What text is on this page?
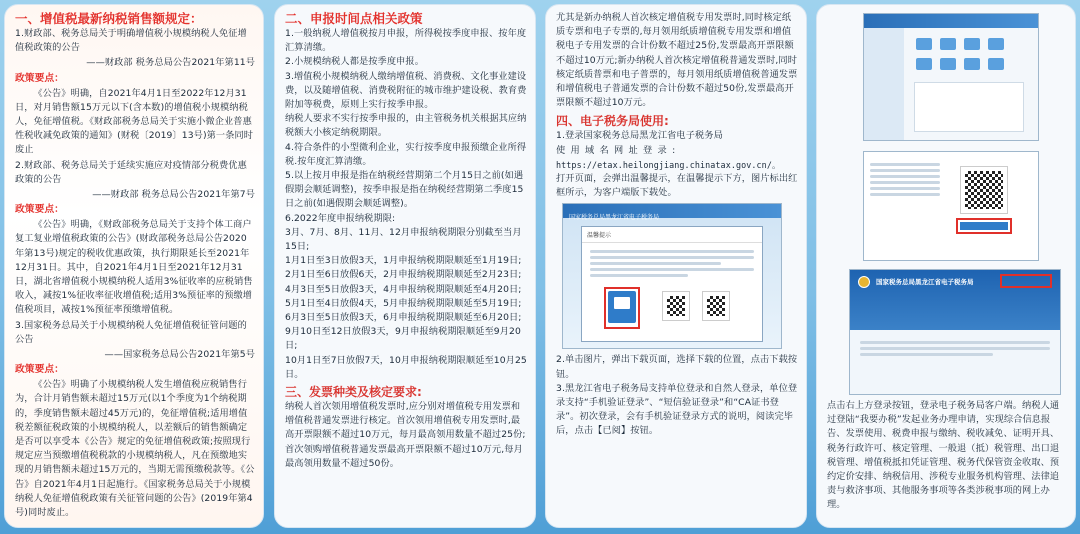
一、增值税最新纳税销售额规定：
1.财政部、税务总局关于明确增值税小规模纳税人免征增值税政策的公告
——财政部 税务总局公告2021年第11号
政策要点：
《公告》明确，自2021年4月1日至2022年12月31日，对月销售额15万元以下(含本数)的增值税小规模纳税人，免征增值税。《财政部税务总局关于实施小微企业普惠性税收减免政策的通知》(财税〔2019〕13号)第一条同时废止
2.财政部、税务总局关于延续实施应对疫情部分税费优惠政策的公告
——财政部 税务总局公告2021年第7号
政策要点：
《公告》明确，《财政部税务总局关于支持个体工商户复工复业增值税政策的公告》(财政部税务总局公告2020年第13号)规定的税收优惠政策，执行期限延长至2021年12月31日。其中，自2021年4月1日至2021年12月31日，湖北省增值税小规模纳税人适用3%征收率的应税销售收入，减按1%征收率征收增值税;适用3%预征率的预缴增值税项目，减按1%预征率预缴增值税。
3.国家税务总局关于小规模纳税人免征增值税征管问题的公告
——国家税务总局公告2021年第5号
政策要点：
《公告》明确了小规模纳税人发生增值税应税销售行为，合计月销售额未超过15万元(以1个季度为1个纳税期的，季度销售额未超过45万元)的，免征增值税;适用增值税差额征税政策的小规模纳税人，以差额后的销售额确定是否可以享受本《公告》规定的免征增值税政策;按照现行规定应当预缴增值税税款的小规模纳税人，凡在预缴地实现的月销售额未超过15万元的，当期无需预缴税款等。《公告》自2021年4月1日起施行。《国家税务总局关于小规模纳税人免征增值税政策有关征管问题的公告》(2019年第4号)同时废止。
二、申报时间点相关政策
1.一般纳税人增值税按月申报，所得税按季度申报、按年度汇算清缴。
2.小规模纳税人都是按季度申报。
3.增值税小规模纳税人缴纳增值税、消费税、文化事业建设费，以及随增值税、消费税附征的城市维护建设税、教育费附加等税费，原则上实行按季申报。
纳税人要求不实行按季申报的，由主管税务机关根据其应纳税额大小核定纳税期限。
4.符合条件的小型微利企业，实行按季度申报预缴企业所得税.按年度汇算清缴。
5.以上按月申报是指在纳税经营期第二个月15日之前(如遇假期会顺延调整)，按季申报是指在纳税经营期第二季度15日之前(如遇假期会顺延调整)。
6.2022年度申报纳税期限:
3月、7月、8月、11月、12月申报纳税期限分别截至当月15日;
1月1日至3日放假3天，1月申报纳税期限顺延至1月19日;
2月1日至6日放假6天，2月申报纳税期限顺延至2月23日;
4月3日至5日放假3天，4月申报纳税期限顺延至4月20日;
5月1日至4日放假4天，5月申报纳税期限顺延至5月19日;
6月3日至5日放假3天，6月申报纳税期限顺延至6月20日;
9月10日至12日放假3天，9月申报纳税期限顺延至9月20日;
10月1日至7日放假7天，10月申报纳税期限顺延至10月25日。
三、发票种类及核定要求:
纳税人首次领用增值税发票时,应分别对增值税专用发票和增值税普通发票进行核定。首次领用增值税专用发票时,最高开票限额不超过10万元，每月最高领用数量不超过25份;首次领购增值税普通发票最高开票限额不超过10万元,每月最高领用数量不超过50份。
尤其是新办纳税人首次核定增值税专用发票时,同时核定纸质专票和电子专票的,每月领用纸质增值税专用发票和增值税电子专用发票的合计份数不超过25份,发票最高开票限额不超过10万元;新办纳税人首次核定增值税普通发票时,同时核定纸质普票和电子普票的，每月领用纸质增值税普通发票和增值税电子普通发票的合计份数不超过50份,发票最高开票限额不超过10万元。
四、电子税务局使用:
1.登录国家税务总局黑龙江省电子税务局
使 用 域 名 网 址 登 录 :
https://etax.heilongjiang.chinatax.gov.cn/。
打开页面，会弹出温馨提示，在温馨提示下方，图片标出红框所示，为客户端版下载处。
国家税务总局黑龙江省电子税务局
温馨提示
2.单击图片，弹出下载页面，选择下载的位置，点击下载按钮。
3.黑龙江省电子税务局支持单位登录和自然人登录，单位登录支持“手机验证登录”、“短信验证登录”和“CA证书登录”。初次登录，会有手机验证登录方式的说明，阅读完毕后，点击【已阅】按钮。
国家税务总局黑龙江省电子税务局
点击右上方登录按钮，登录电子税务局客户端。纳税人通过登陆“我要办税”发起业务办理申请，实现综合信息报告、发票使用、税费申报与缴纳、税收减免、证明开具、税务行政许可、核定管理、一般退（抵）税管理、出口退税管理、增值税抵扣凭证管理、税务代保管资金收取、预约定价安排、纳税信用、涉税专业服务机构管理、法律追责与救济事项、其他服务事项等各类涉税事项的网上办理。
